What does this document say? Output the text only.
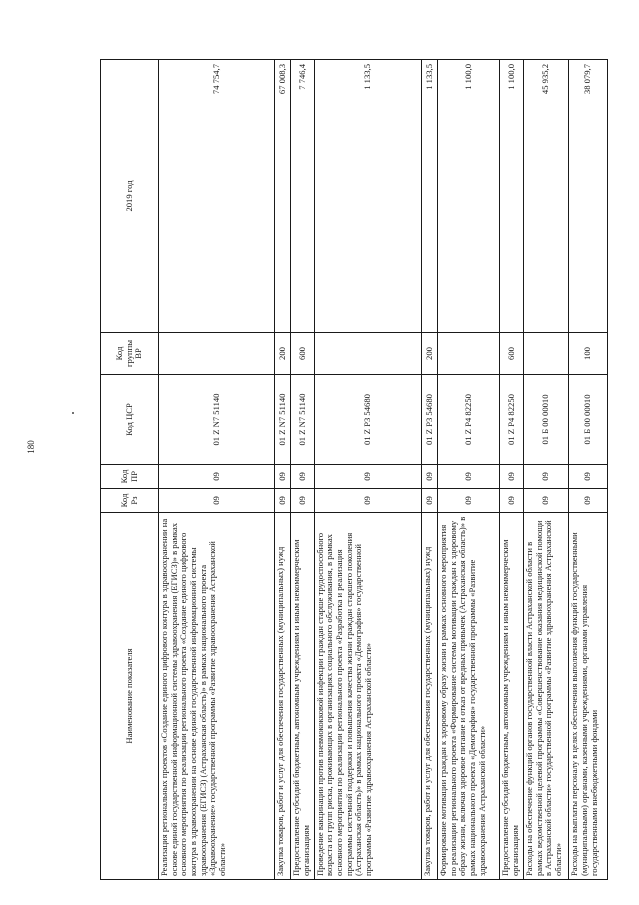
180
Наименование показателя	Код Рз	Код ПР	Код ЦСР	Код группы ВР	2019 год
Реализация региональных проектов «Создание единого цифрового контура в здравоохранении на основе единой государственной информационной системы здравоохранения (ЕГИСЗ)» в рамках основного мероприятия по реализации регионального проекта «Создание единого цифрового контура в здравоохранении на основе единой государственной информационной системы здравоохранения (ЕГИСЗ) (Астраханская область)» в рамках национального проекта «Здравоохранение» государственной программы «Развитие здравоохранения Астраханской области»	09	09	01 Z N7 51140		74 754,7
Закупка товаров, работ и услуг для обеспечения государственных (муниципальных) нужд	09	09	01 Z N7 51140	200	67 008,3
Предоставление субсидий бюджетным, автономным учреждениям и иным некоммерческим организациям	09	09	01 Z N7 51140	600	7 746,4
Проведение вакцинации против пневмококковой инфекции граждан старше трудоспособного возраста из групп риска, проживающих в организациях социального обслуживания, в рамках основного мероприятия по реализации регионального проекта «Разработка и реализация программы системной поддержки и повышения качества жизни граждан старшего поколения (Астраханская область)» в рамках национального проекта «Демография» государственной программы «Развитие здравоохранения Астраханской области»	09	09	01 Z P3 54680		1 133,5
Закупка товаров, работ и услуг для обеспечения государственных (муниципальных) нужд	09	09	01 Z P3 54680	200	1 133,5
Формирование мотивации граждан к здоровому образу жизни в рамках основного мероприятия по реализации регионального проекта «Формирование системы мотивации граждан к здоровому образу жизни, включая здоровое питание и отказ от вредных привычек (Астраханская область)» в рамках национального проекта «Демография» государственной программы «Развитие здравоохранения Астраханской области»	09	09	01 Z P4 82250		1 100,0
Предоставление субсидий бюджетным, автономным учреждениям и иным некоммерческим организациям	09	09	01 Z P4 82250	600	1 100,0
Расходы на обеспечение функций органов государственной власти Астраханской области в рамках ведомственной целевой программы «Совершенствование оказания медицинской помощи в Астраханской области» государственной программы «Развитие здравоохранения Астраханской области»	09	09	01 Б 00 00010		45 935,2
Расходы на выплаты персоналу в целях обеспечения выполнения функций государственными (муниципальными) органами, казенными учреждениями, органами управления государственными внебюджетными фондами	09	09	01 Б 00 00010	100	38 079,7
